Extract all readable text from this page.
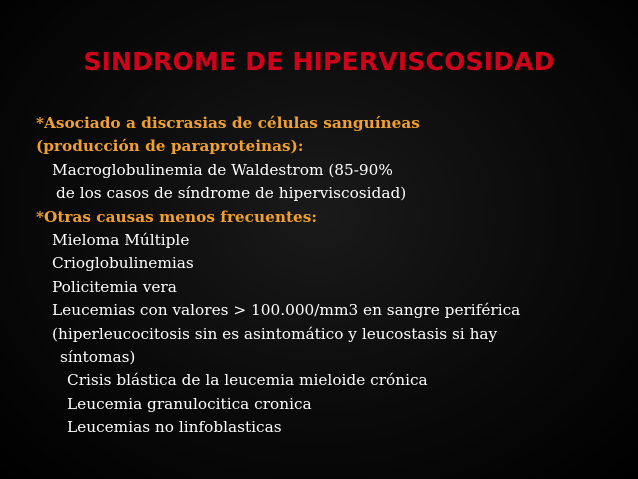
SINDROME DE HIPERVISCOSIDAD
*Asociado a discrasias de células sanguíneas
(producción de paraproteinas):
Macroglobulinemia de Waldestrom (85-90%
de los casos de síndrome de hiperviscosidad)
*Otras causas menos frecuentes:
Mieloma Múltiple
Crioglobulinemias
Policitemia vera
Leucemias con valores > 100.000/mm3 en sangre periférica
(hiperleucocitosis sin es asintomático y leucostasis si hay
síntomas)
Crisis blástica de la leucemia mieloide crónica
Leucemia granulocitica cronica
Leucemias no linfoblasticas
